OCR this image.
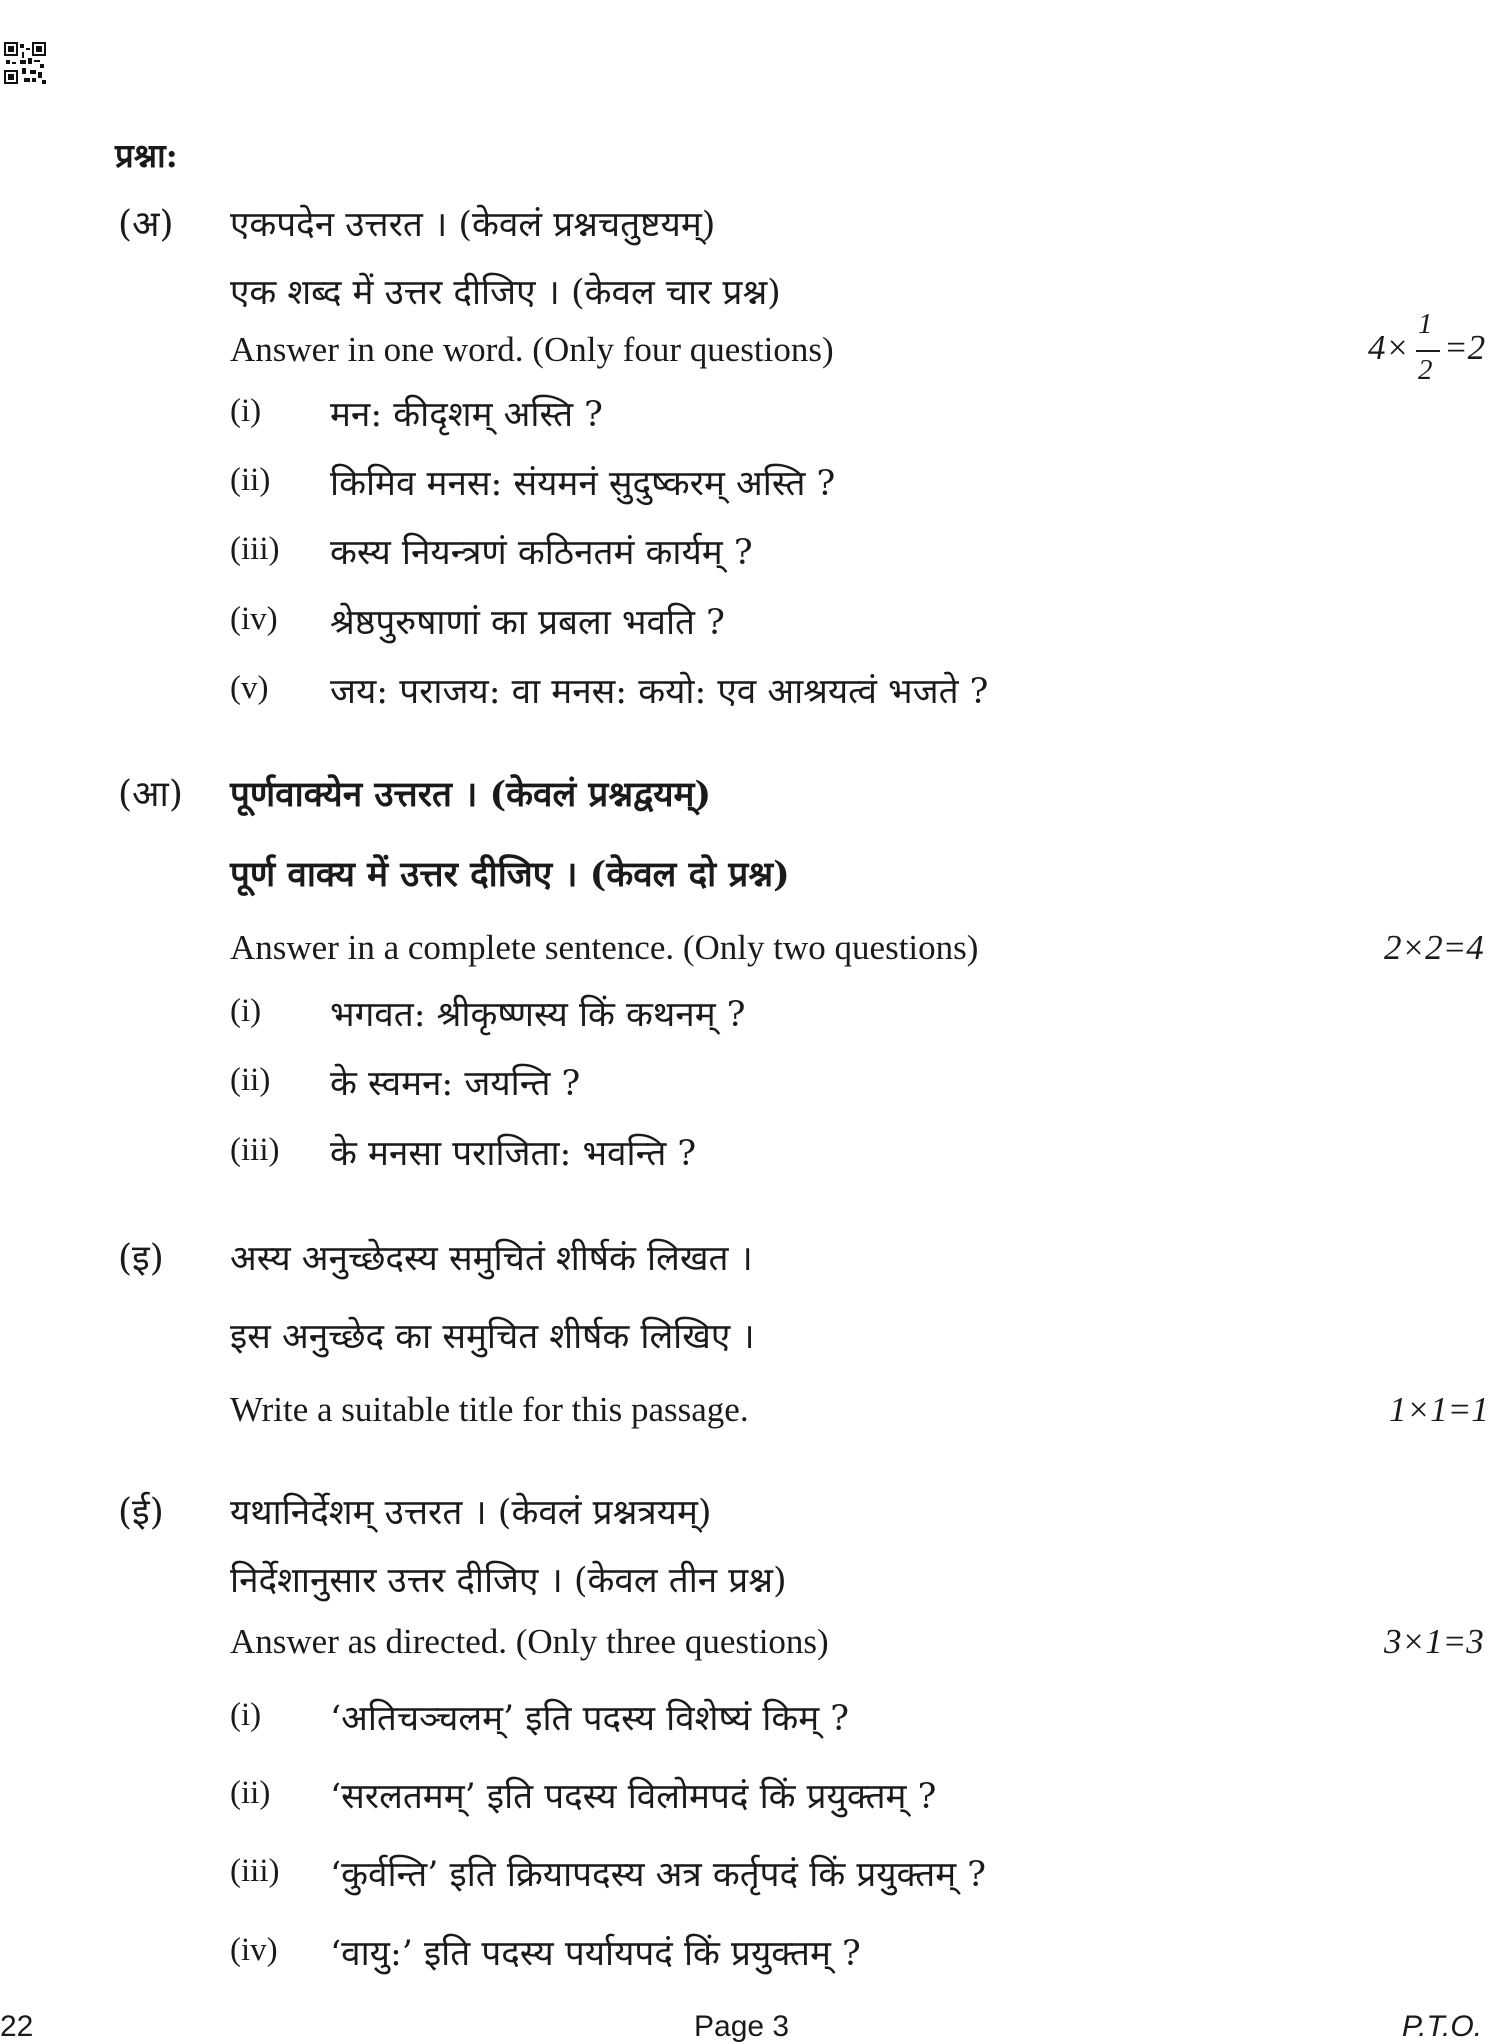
प्रश्ना:
(अ) एकपदेन उत्तरत । (केवलं प्रश्नचतुष्टयम्)
एक शब्द में उत्तर दीजिए । (केवल चार प्रश्न)
Answer in one word. (Only four questions)	4×
1
2
=2
(i) मन: कीदृशम् अस्ति ?
(ii) किमिव मनस: संयमनं सुदुष्करम् अस्ति ?
(iii) कस्य नियन्त्रणं कठिनतमं कार्यम् ?
(iv) श्रेष्ठपुरुषाणां का प्रबला भवति ?
(v) जय: पराजय: वा मनस: कयो: एव आश्रयत्वं भजते ?
(आ) पूर्णवाक्येन उत्तरत । (केवलं प्रश्नद्वयम्)
पूर्ण वाक्य में उत्तर दीजिए । (केवल दो प्रश्न)
Answer in a complete sentence. (Only two questions)	2×2=4
(i) भगवत: श्रीकृष्णस्य किं कथनम् ?
(ii) के स्वमन: जयन्ति ?
(iii) के मनसा पराजिता: भवन्ति ?
(इ) अस्य अनुच्छेदस्य समुचितं शीर्षकं लिखत ।
इस अनुच्छेद का समुचित शीर्षक लिखिए ।
Write a suitable title for this passage.	1×1=1
(ई) यथानिर्देशम् उत्तरत । (केवलं प्रश्नत्रयम्)
निर्देशानुसार उत्तर दीजिए । (केवल तीन प्रश्न)
Answer as directed. (Only three questions)	3×1=3
(i) ‘अतिचञ्चलम्’ इति पदस्य विशेष्यं किम् ?
(ii) ‘सरलतमम्’ इति पदस्य विलोमपदं किं प्रयुक्तम् ?
(iii) ‘कुर्वन्ति’ इति क्रियापदस्य अत्र कर्तृपदं किं प्रयुक्तम् ?
(iv) ‘वायु:’ इति पदस्य पर्यायपदं किं प्रयुक्तम् ?
22	Page 3	P.T.O.
